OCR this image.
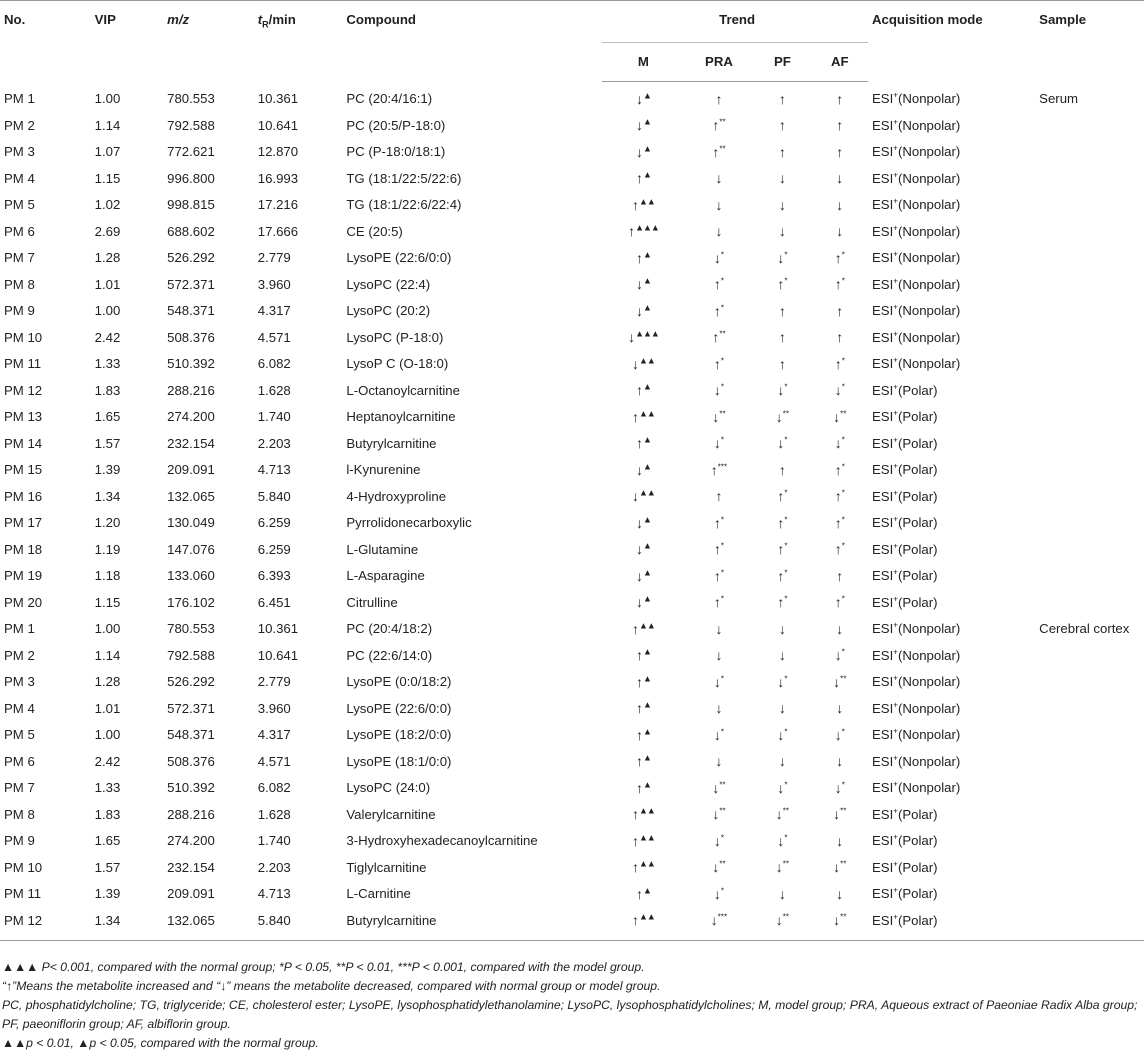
No.	VIP	m/z	$t_R/\min$	Compound	Trend				Acquisition mode	Sample
					M	PRA	PF	AF		
PM 1	1.00	780.553	10.361	PC (20:4/16:1)	↓▲	↑	↑	↑	ESI+(Nonpolar)	Serum
PM 2	1.14	792.588	10.641	PC (20:5/P-18:0)	↓▲	↑**	↑	↑	ESI+(Nonpolar)	
PM 3	1.07	772.621	12.870	PC (P-18:0/18:1)	↓▲	↑**	↑	↑	ESI+(Nonpolar)	
PM 4	1.15	996.800	16.993	TG (18:1/22:5/22:6)	↑▲	↓	↓	↓	ESI+(Nonpolar)	
PM 5	1.02	998.815	17.216	TG (18:1/22:6/22:4)	↑▲▲	↓	↓	↓	ESI+(Nonpolar)	
PM 6	2.69	688.602	17.666	CE (20:5)	↑▲▲▲	↓	↓	↓	ESI+(Nonpolar)	
PM 7	1.28	526.292	2.779	LysoPE (22:6/0:0)	↑▲	↓*	↓*	↑*	ESI+(Nonpolar)	
PM 8	1.01	572.371	3.960	LysoPC (22:4)	↓▲	↑*	↑*	↑*	ESI+(Nonpolar)	
PM 9	1.00	548.371	4.317	LysoPC (20:2)	↓▲	↑*	↑	↑	ESI+(Nonpolar)	
PM 10	2.42	508.376	4.571	LysoPC (P-18:0)	↓▲▲▲	↑**	↑	↑	ESI+(Nonpolar)	
PM 11	1.33	510.392	6.082	LysoP C (O-18:0)	↓▲▲	↑*	↑	↑*	ESI+(Nonpolar)	
PM 12	1.83	288.216	1.628	L-Octanoylcarnitine	↑▲	↓*	↓*	↓*	ESI+(Polar)	
PM 13	1.65	274.200	1.740	Heptanoylcarnitine	↑▲▲	↓**	↓**	↓**	ESI+(Polar)	
PM 14	1.57	232.154	2.203	Butyrylcarnitine	↑▲	↓*	↓*	↓*	ESI+(Polar)	
PM 15	1.39	209.091	4.713	l-Kynurenine	↓▲	↑***	↑	↑*	ESI+(Polar)	
PM 16	1.34	132.065	5.840	4-Hydroxyproline	↓▲▲	↑	↑*	↑*	ESI+(Polar)	
PM 17	1.20	130.049	6.259	Pyrrolidonecarboxylic	↓▲	↑*	↑*	↑*	ESI+(Polar)	
PM 18	1.19	147.076	6.259	L-Glutamine	↓▲	↑*	↑*	↑*	ESI+(Polar)	
PM 19	1.18	133.060	6.393	L-Asparagine	↓▲	↑*	↑*	↑	ESI+(Polar)	
PM 20	1.15	176.102	6.451	Citrulline	↓▲	↑*	↑*	↑*	ESI+(Polar)	
PM 1	1.00	780.553	10.361	PC (20:4/18:2)	↑▲▲	↓	↓	↓	ESI+(Nonpolar)	Cerebral cortex
PM 2	1.14	792.588	10.641	PC (22:6/14:0)	↑▲	↓	↓	↓*	ESI+(Nonpolar)	
PM 3	1.28	526.292	2.779	LysoPE (0:0/18:2)	↑▲	↓*	↓*	↓**	ESI+(Nonpolar)	
PM 4	1.01	572.371	3.960	LysoPE (22:6/0:0)	↑▲	↓	↓	↓	ESI+(Nonpolar)	
PM 5	1.00	548.371	4.317	LysoPE (18:2/0:0)	↑▲	↓*	↓*	↓*	ESI+(Nonpolar)	
PM 6	2.42	508.376	4.571	LysoPE (18:1/0:0)	↑▲	↓	↓	↓	ESI+(Nonpolar)	
PM 7	1.33	510.392	6.082	LysoPC (24:0)	↑▲	↓**	↓*	↓*	ESI+(Nonpolar)	
PM 8	1.83	288.216	1.628	Valerylcarnitine	↑▲▲	↓**	↓**	↓**	ESI+(Polar)	
PM 9	1.65	274.200	1.740	3-Hydroxyhexadecanoylcarnitine	↑▲▲	↓*	↓*	↓	ESI+(Polar)	
PM 10	1.57	232.154	2.203	Tiglylcarnitine	↑▲▲	↓**	↓**	↓**	ESI+(Polar)	
PM 11	1.39	209.091	4.713	L-Carnitine	↑▲	↓*	↓	↓	ESI+(Polar)	
PM 12	1.34	132.065	5.840	Butyrylcarnitine	↑▲▲	↓***	↓**	↓**	ESI+(Polar)	
▲▲▲ P< 0.001, compared with the normal group; *P < 0.05, **P < 0.01, ***P < 0.001, compared with the model group.
“↑”Means the metabolite increased and “↓” means the metabolite decreased, compared with normal group or model group.
PC, phosphatidylcholine; TG, triglyceride; CE, cholesterol ester; LysoPE, lysophosphatidylethanolamine; LysoPC, lysophosphatidylcholines; M, model group; PRA, Aqueous extract of Paeoniae Radix Alba group; PF, paeoniflorin group; AF, albiflorin group.
▲▲p < 0.01, ▲p < 0.05, compared with the normal group.
